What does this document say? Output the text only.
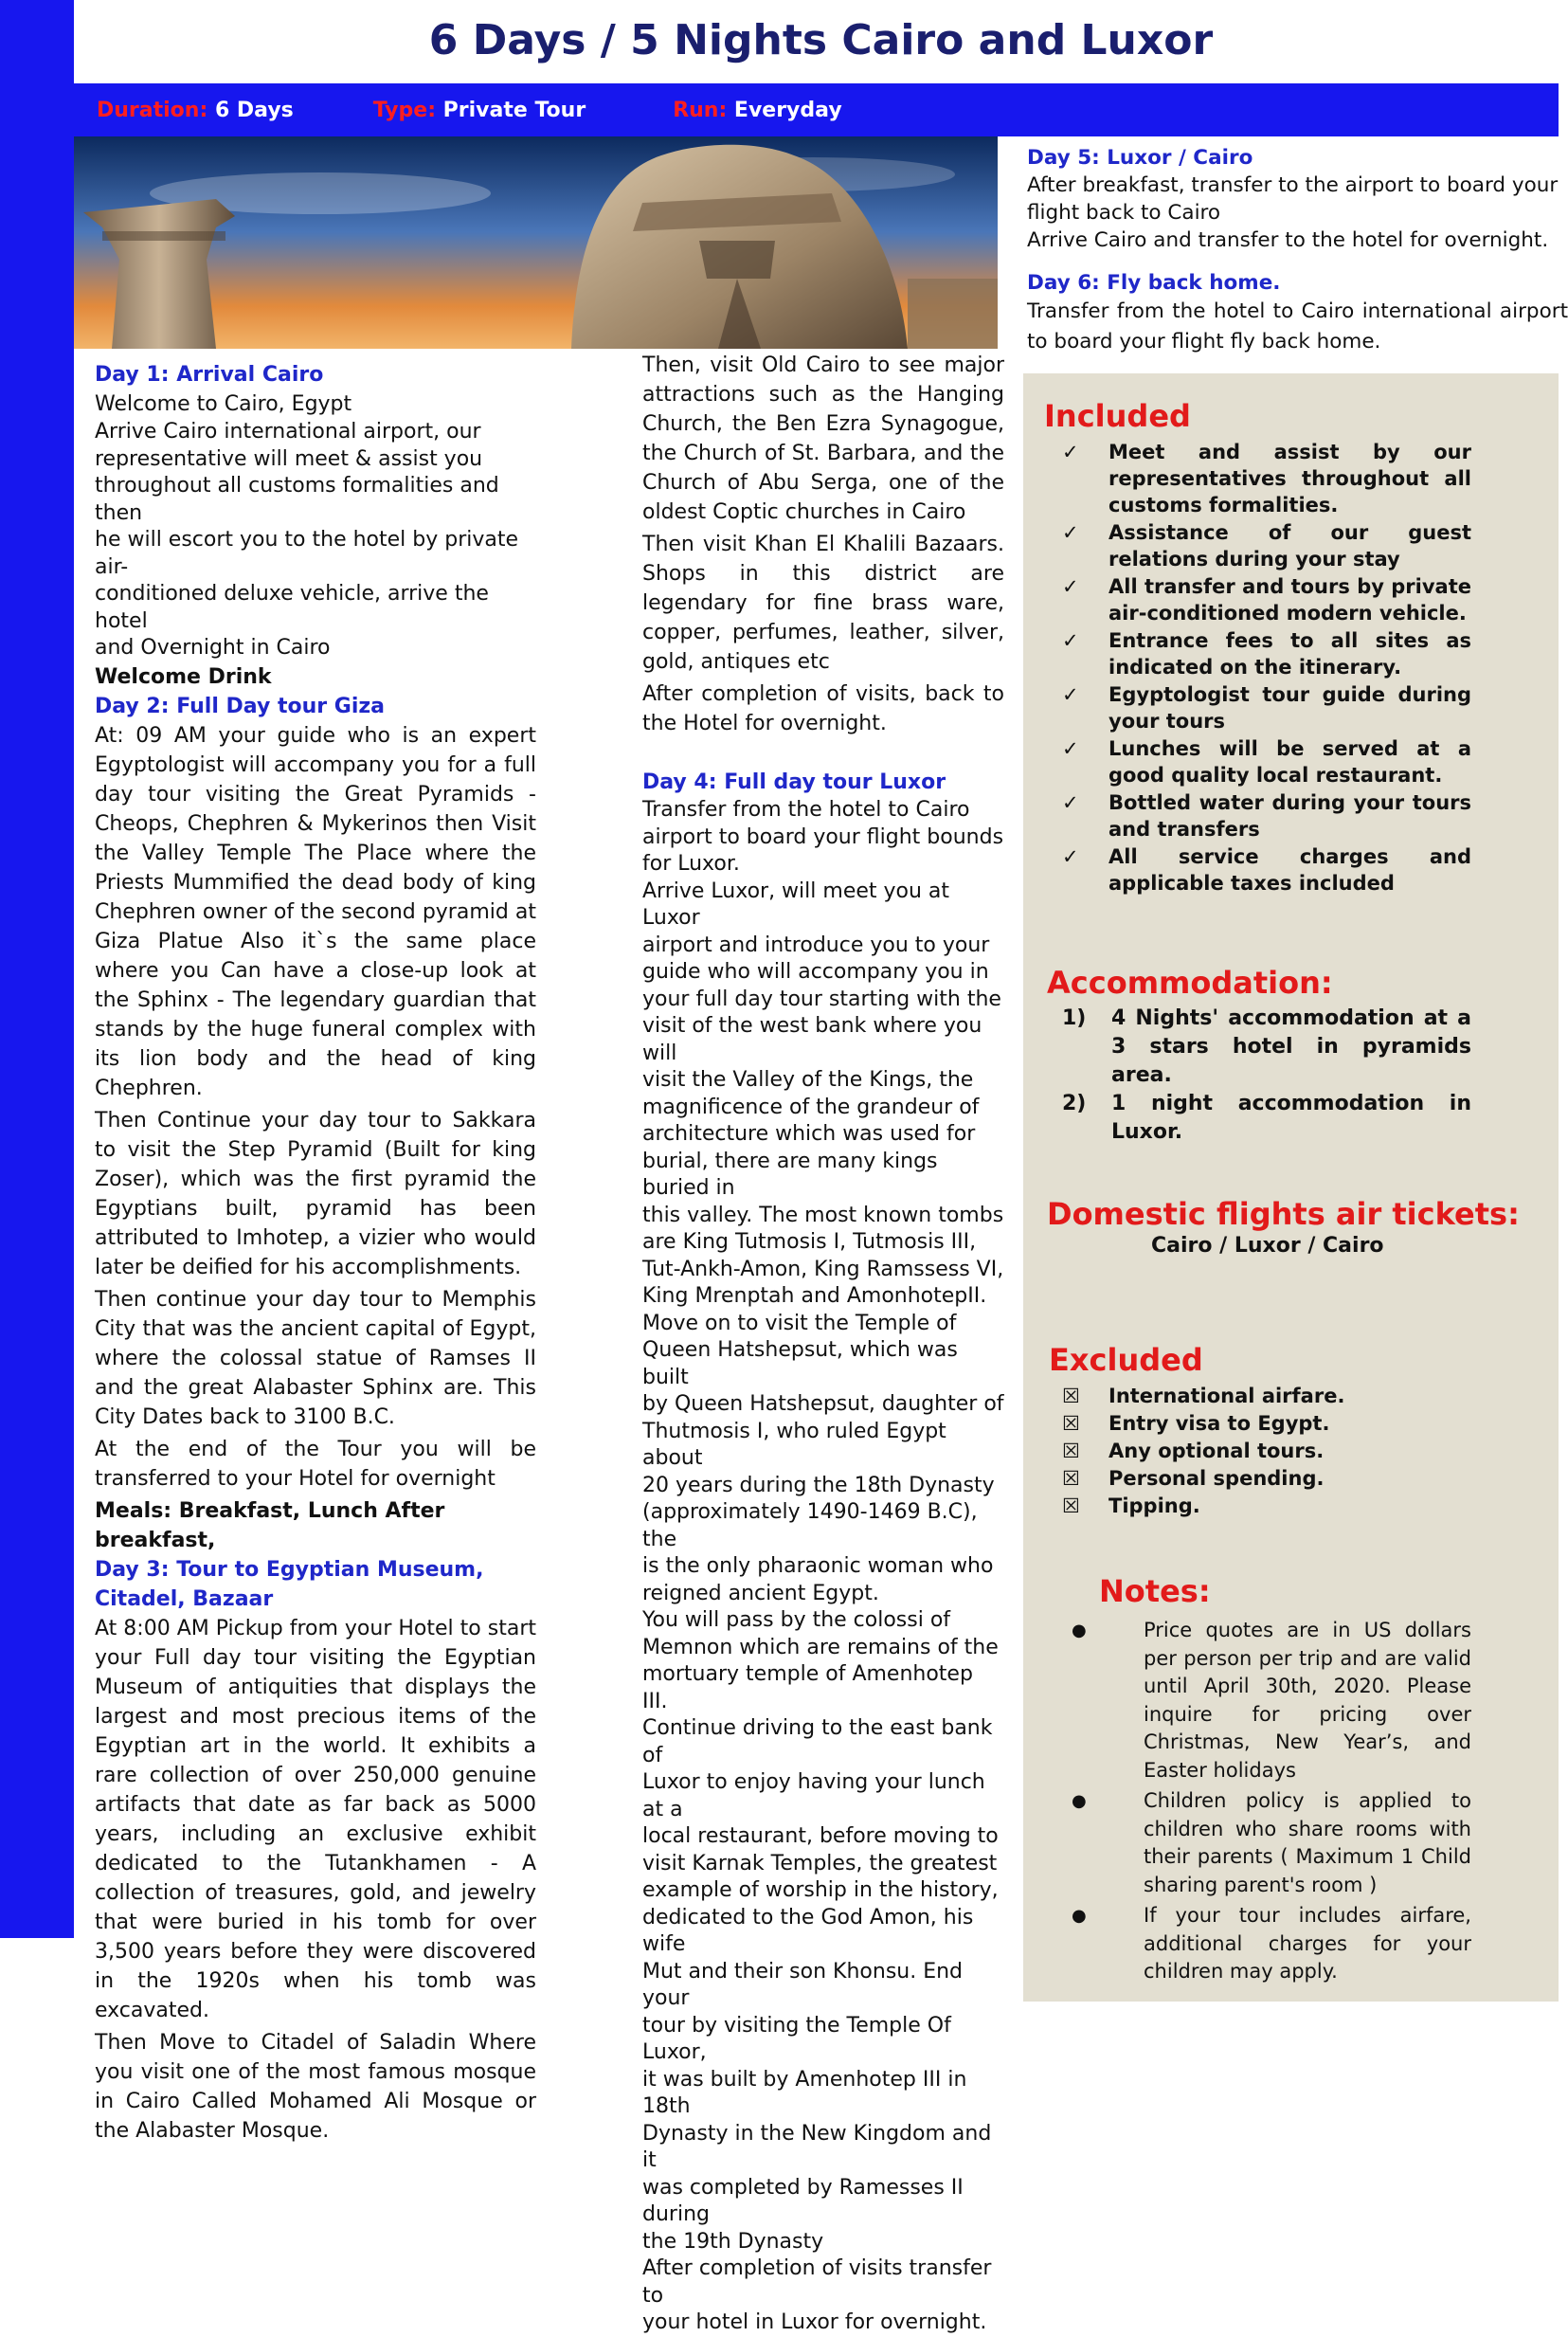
6 Days / 5 Nights Cairo and Luxor
Duration: 6 Days	Type: Private Tour	Run: Everyday
Day 1: Arrival Cairo
Welcome to Cairo, Egypt
Arrive Cairo international airport, our
representative will meet & assist you
throughout all customs formalities and then
he will escort you to the hotel by private air-
conditioned deluxe vehicle, arrive the hotel
and Overnight in Cairo
Welcome Drink
Day 2: Full Day tour Giza

At: 09 AM your guide who is an expert Egyptologist will accompany you for a full day tour visiting the Great Pyramids - Cheops, Chephren & Mykerinos then Visit the Valley Temple The Place where the Priests Mummified the dead body of king Chephren owner of the second pyramid at Giza Platue Also it`s the same place where you Can have a close-up look at the Sphinx - The legendary guardian that stands by the huge funeral complex with its lion body and the head of king Chephren.

Then Continue your day tour to Sakkara to visit the Step Pyramid (Built for king Zoser), which was the first pyramid the Egyptians built, pyramid has been attributed to Imhotep, a vizier who would later be deified for his accomplishments.

Then continue your day tour to Memphis City that was the ancient capital of Egypt, where the colossal statue of Ramses II and the great Alabaster Sphinx are. This City Dates back to 3100 B.C.

At the end of the Tour you will be transferred to your Hotel for overnight

Meals: Breakfast, Lunch After breakfast,
Day 3: Tour to Egyptian Museum, Citadel, Bazaar

At 8:00 AM Pickup from your Hotel to start your Full day tour visiting the Egyptian Museum of antiquities that displays the largest and most precious items of the Egyptian art in the world. It exhibits a rare collection of over 250,000 genuine artifacts that date as far back as 5000 years, including an exclusive exhibit dedicated to the Tutankhamen - A collection of treasures, gold, and jewelry that were buried in his tomb for over 3,500 years before they were discovered in the 1920s when his tomb was excavated.

Then Move to Citadel of Saladin Where you visit one of the most famous mosque in Cairo Called Mohamed Ali Mosque or the Alabaster Mosque.

Then, visit Old Cairo to see major attractions such as the Hanging Church, the Ben Ezra Synagogue, the Church of St. Barbara, and the Church of Abu Serga, one of the oldest Coptic churches in Cairo

Then visit Khan El Khalili Bazaars. Shops in this district are legendary for fine brass ware, copper, perfumes, leather, silver, gold, antiques etc

After completion of visits, back to the Hotel for overnight.

Day 4: Full day tour Luxor
Transfer from the hotel to Cairo
airport to board your flight bounds
for Luxor.
Arrive Luxor, will meet you at Luxor
airport and introduce you to your
guide who will accompany you in
your full day tour starting with the
visit of the west bank where you will
visit the Valley of the Kings, the
magnificence of the grandeur of
architecture which was used for
burial, there are many kings buried in
this valley. The most known tombs
are King Tutmosis I, Tutmosis III,
Tut-Ankh-Amon, King Ramssess VI,
King Mrenptah and AmonhotepII.
Move on to visit the Temple of
Queen Hatshepsut, which was built
by Queen Hatshepsut, daughter of
Thutmosis I, who ruled Egypt about
20 years during the 18th Dynasty
(approximately 1490-1469 B.C), the
is the only pharaonic woman who
reigned ancient Egypt.
You will pass by the colossi of
Memnon which are remains of the
mortuary temple of Amenhotep III.
Continue driving to the east bank of
Luxor to enjoy having your lunch at a
local restaurant, before moving to
visit Karnak Temples, the greatest
example of worship in the history,
dedicated to the God Amon, his wife
Mut and their son Khonsu. End your
tour by visiting the Temple Of Luxor,
it was built by Amenhotep III in 18th
Dynasty in the New Kingdom and it
was completed by Ramesses II during
the 19th Dynasty
After completion of visits transfer to
your hotel in Luxor for overnight.
Day 5: Luxor / Cairo
After breakfast, transfer to the airport to board your
flight back to Cairo
Arrive Cairo and transfer to the hotel for overnight.
Day 6: Fly back home.

Transfer from the hotel to Cairo international airport to board your flight fly back home.

Included
✓ Meet and assist by our representatives throughout all customs formalities.
✓ Assistance of our guest relations during your stay
✓ All transfer and tours by private air-conditioned modern vehicle.
✓ Entrance fees to all sites as indicated on the itinerary.
✓ Egyptologist tour guide during your tours
✓ Lunches will be served at a good quality local restaurant.
✓ Bottled water during your tours and transfers
✓ All service charges and applicable taxes included
Accommodation:
1) 4 Nights' accommodation at a 3 stars hotel in pyramids area.
2) 1 night accommodation in Luxor.
Domestic flights air tickets:
Cairo / Luxor / Cairo
Excluded
☒ International airfare.
☒ Entry visa to Egypt.
☒ Any optional tours.
☒ Personal spending.
☒ Tipping.
Notes:
●	Price quotes are in US dollars per person per trip and are valid until April 30th, 2020. Please inquire for pricing over Christmas, New Year’s, and Easter holidays
●	Children policy is applied to children who share rooms with their parents ( Maximum 1 Child sharing parent's room )
●	If your tour includes airfare, additional charges for your children may apply.
